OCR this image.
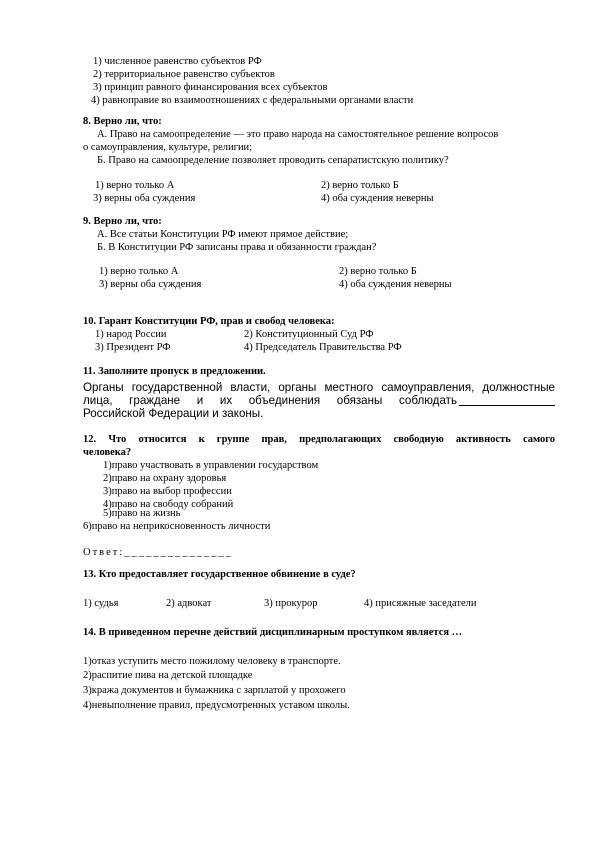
1) численное равенство субъектов РФ
2) территориальное равенство субъектов
3) принцип равного финансирования всех субъектов
4) равноправие во взаимоотношениях с федеральными органами власти
8. Верно ли, что:
А. Право на самоопределение — это право народа на самостоятельное решение вопросов
о самоуправления, культуре, религии;
Б. Право на самоопределение позволяет проводить сепаратистскую политику?
1) верно только А	2) верно только Б
3) верны оба суждения	4) оба суждения неверны
9. Верно ли, что:
А. Все статьи Конституции РФ имеют прямое действие;
Б. В Конституции РФ записаны права и обязанности граждан?
1) верно только А	2) верно только Б
3) верны оба суждения	4) оба суждения неверны
10. Гарант Конституции РФ, прав и свобод человека:
1) народ России	2) Конституционный Суд РФ
3) Президент РФ	4) Председатель Правительства РФ
11. Заполните пропуск в предложении.
Органы государственной власти, органы местного самоуправления, должностные
лица, граждане и их объединения обязаны соблюдать
Российской Федерации и законы.
12. Что относится к группе прав, предполагающих свободную активность самого
человека?
1)право участвовать в управлении государством
2)право на охрану здоровья
3)право на выбор профессии
4)право на свободу собраний
5)право на жизнь
6)право на неприкосновенность личности
Ответ:_______________
13. Кто предоставляет государственное обвинение в суде?
1) судья	2) адвокат	3) прокурор	4) присяжные заседатели
14. В приведенном перечне действий дисциплинарным проступком является …
1)отказ уступить место пожилому человеку в транспорте.
2)распитие пива на детской площадке
3)кража документов и бумажника с зарплатой у прохожего
4)невыполнение правил, предусмотренных уставом школы.
